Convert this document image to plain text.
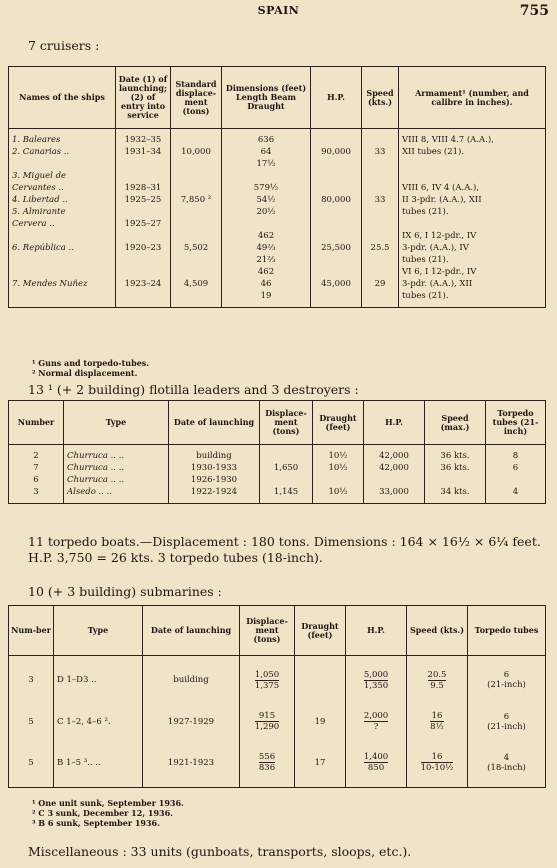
SPAIN	755
7 cruisers :
Names of the ships	Date (1) of launching; (2) of entry into service	Standard displace-ment (tons)	Dimensions (feet) Length Beam Draught	H.P.	Speed (kts.)	Armament¹ (number, and calibre in inches).
1. Baleares	1932–35		636			VIII 8, VIII 4.7 (A.A.),
2. Canarias ..	1931–34	10,000	64	90,000	33	XII tubes (21).
			17½			
3. Miguel de						
Cervantes ..	1928–31		579½			VIII 6, IV 4 (A.A.),
4. Libertad ..	1925–25	7,850 ²	54½	80,000	33	II 3-pdr. (A.A.), XII
5. Almirante			20½			tubes (21).
Cervera ..	1925–27					
			462			IX 6, I 12-pdr., IV
6. República ..	1920–23	5,502	49⅔	25,500	25.5	3-pdr. (A.A.), IV
			21⅔			tubes (21).
			462			VI 6, I 12-pdr., IV
7. Mendes Nuñez	1923–24	4,509	46	45,000	29	3-pdr. (A.A.), XII
			19			tubes (21).
¹ Guns and torpedo-tubes.
² Normal displacement.
13 ¹ (+ 2 building) flotilla leaders and 3 destroyers :
Number	Type	Date of launching	Displace-ment (tons)	Draught (feet)	H.P.	Speed (max.)	Torpedo tubes (21-inch)
2	Churruca .. ..	building		10½	42,000	36 kts.	8
7	Churruca .. ..	1930-1933	1,650	10½	42,000	36 kts.	6
6	Churruca .. ..	1926-1930					
3	Alsedo .. ..	1922-1924	1,145	10½	33,000	34 kts.	4
11 torpedo boats.—Displacement : 180 tons. Dimensions : 164 × 16½ × 6¼ feet. H.P. 3,750 = 26 kts. 3 torpedo tubes (18-inch).
10 (+ 3 building) submarines :
Num-ber	Type	Date of launching	Displace-ment (tons)	Draught (feet)	H.P.	Speed (kts.)	Torpedo tubes
3	D 1–D3 ..	building	$\frac{1,050}{1,375}$		$\frac{5,000}{1,350}$	$\frac{20.5}{9.5}$	6
(21-inch)

5	C 1–2, 4–6 ².	1927-1929	$\frac{915}{1,290}$	19	$\frac{2,000}{?}$	$\frac{16}{\text{8½}}$	6
(21-inch)

5	B 1–5 ³.. ..	1921-1923	$\frac{556}{836}$	17	$\frac{1,400}{850}$	$\frac{16}{\text{10-10½}}$	4
(18-inch)
¹ One unit sunk, September 1936.
² C 3 sunk, December 12, 1936.
³ B 6 sunk, September 1936.
Miscellaneous : 33 units (gunboats, transports, sloops, etc.).
